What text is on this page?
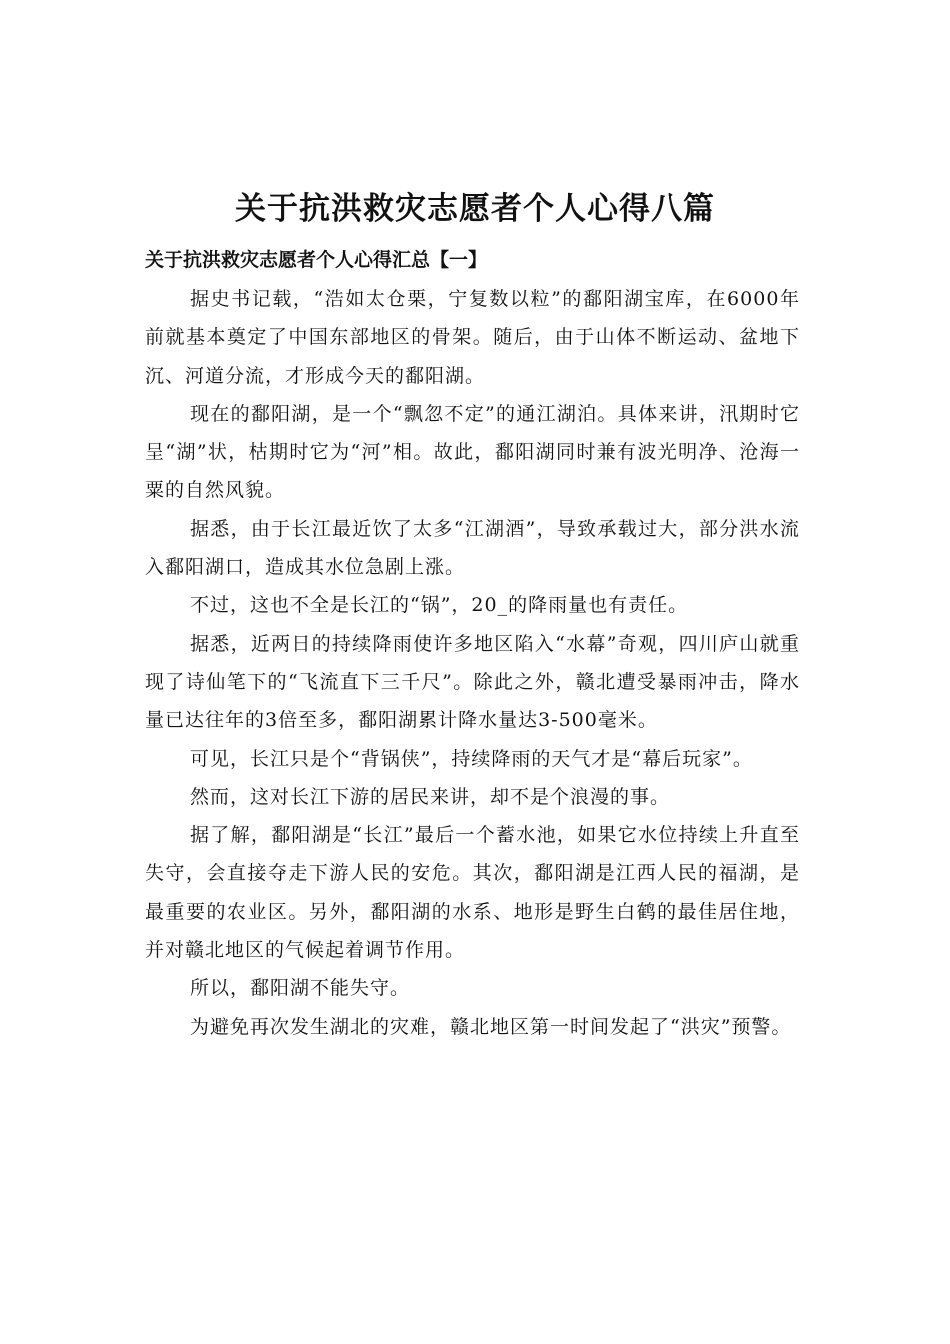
关于抗洪救灾志愿者个人心得八篇
关于抗洪救灾志愿者个人心得汇总【一】

据史书记载，“浩如太仓栗，宁复数以粒”的鄱阳湖宝库，在6000年前就基本奠定了中国东部地区的骨架。随后，由于山体不断运动、盆地下沉、河道分流，才形成今天的鄱阳湖。

现在的鄱阳湖，是一个“飘忽不定”的通江湖泊。具体来讲，汛期时它呈“湖”状，枯期时它为“河”相。故此，鄱阳湖同时兼有波光明净、沧海一粟的自然风貌。

据悉，由于长江最近饮了太多“江湖酒”，导致承载过大，部分洪水流入鄱阳湖口，造成其水位急剧上涨。

不过，这也不全是长江的“锅”，20_的降雨量也有责任。

据悉，近两日的持续降雨使许多地区陷入“水幕”奇观，四川庐山就重现了诗仙笔下的“飞流直下三千尺”。除此之外，赣北遭受暴雨冲击，降水量已达往年的3倍至多，鄱阳湖累计降水量达3-500毫米。

可见，长江只是个“背锅侠”，持续降雨的天气才是“幕后玩家”。

然而，这对长江下游的居民来讲，却不是个浪漫的事。

据了解，鄱阳湖是“长江”最后一个蓄水池，如果它水位持续上升直至失守，会直接夺走下游人民的安危。其次，鄱阳湖是江西人民的福湖，是最重要的农业区。另外，鄱阳湖的水系、地形是野生白鹤的最佳居住地，并对赣北地区的气候起着调节作用。

所以，鄱阳湖不能失守。

为避免再次发生湖北的灾难，赣北地区第一时间发起了“洪灾”预警。
